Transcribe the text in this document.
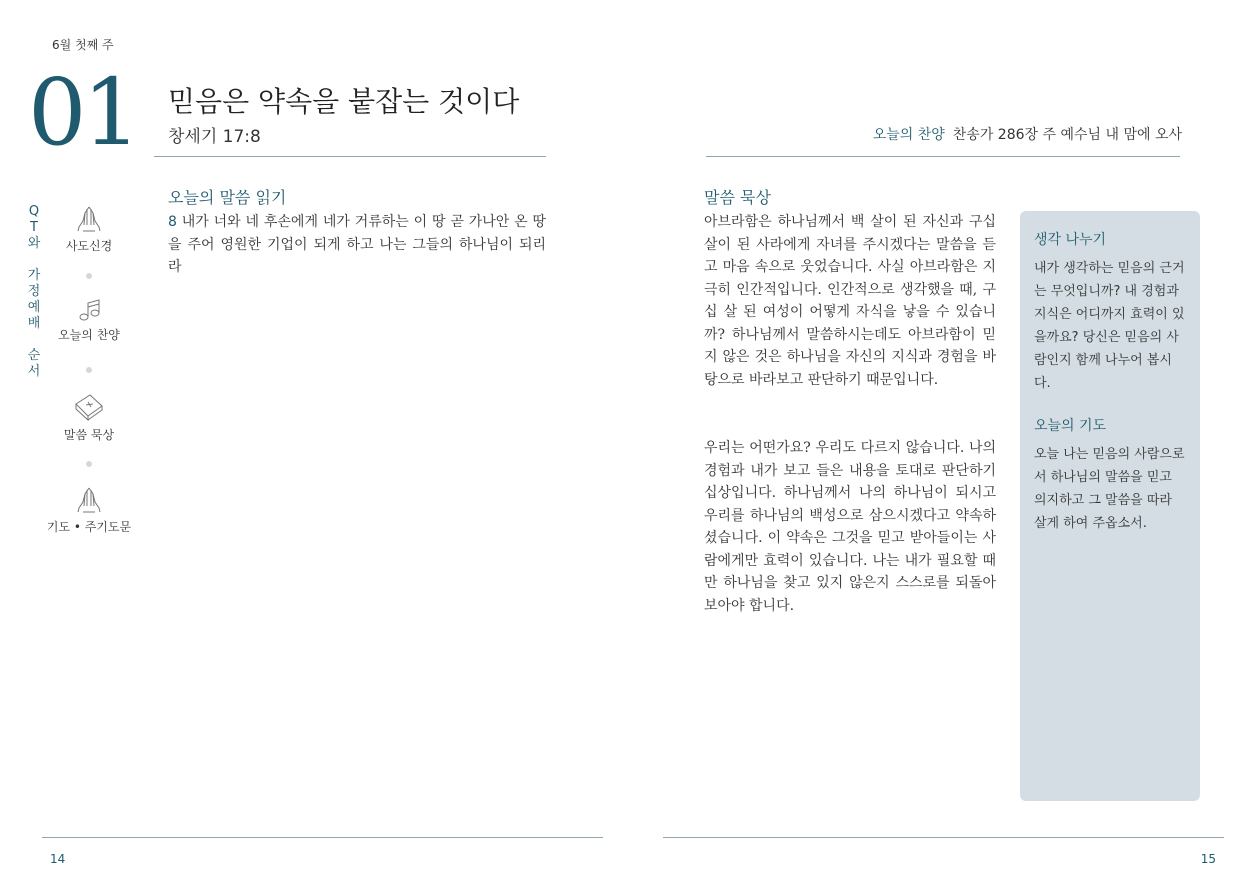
6월 첫째 주
01 믿음은 약속을 붙잡는 것이다
창세기 17:8
QT와
가정예배
순서
사도신경
오늘의 찬양
말씀 묵상
기도 • 주기도문
오늘의 말씀 읽기
8 내가 너와 네 후손에게 네가 거류하는 이 땅 곧 가나안 온 땅을 주어 영원한 기업이 되게 하고 나는 그들의 하나님이 되리라
14
오늘의 찬양 찬송가 286장 주 예수님 내 맘에 오사
말씀 묵상
아브라함은 하나님께서 백 살이 된 자신과 구십 살이 된 사라에게 자녀를 주시겠다는 말씀을 듣고 마음 속으로 웃었습니다. 사실 아브라함은 지극히 인간적입니다. 인간적으로 생각했을 때, 구십 살 된 여성이 어떻게 자식을 낳을 수 있습니까? 하나님께서 말씀하시는데도 아브라함이 믿지 않은 것은 하나님을 자신의 지식과 경험을 바탕으로 바라보고 판단하기 때문입니다.
우리는 어떤가요? 우리도 다르지 않습니다. 나의 경험과 내가 보고 들은 내용을 토대로 판단하기 십상입니다. 하나님께서 나의 하나님이 되시고 우리를 하나님의 백성으로 삼으시겠다고 약속하셨습니다. 이 약속은 그것을 믿고 받아들이는 사람에게만 효력이 있습니다. 나는 내가 필요할 때만 하나님을 찾고 있지 않은지 스스로를 되돌아 보아야 합니다.
생각 나누기
내가 생각하는 믿음의 근거는 무엇입니까? 내 경험과 지식은 어디까지 효력이 있을까요? 당신은 믿음의 사람인지 함께 나누어 봅시다.
오늘의 기도
오늘 나는 믿음의 사람으로서 하나님의 말씀을 믿고 의지하고 그 말씀을 따라 살게 하여 주옵소서.
15
